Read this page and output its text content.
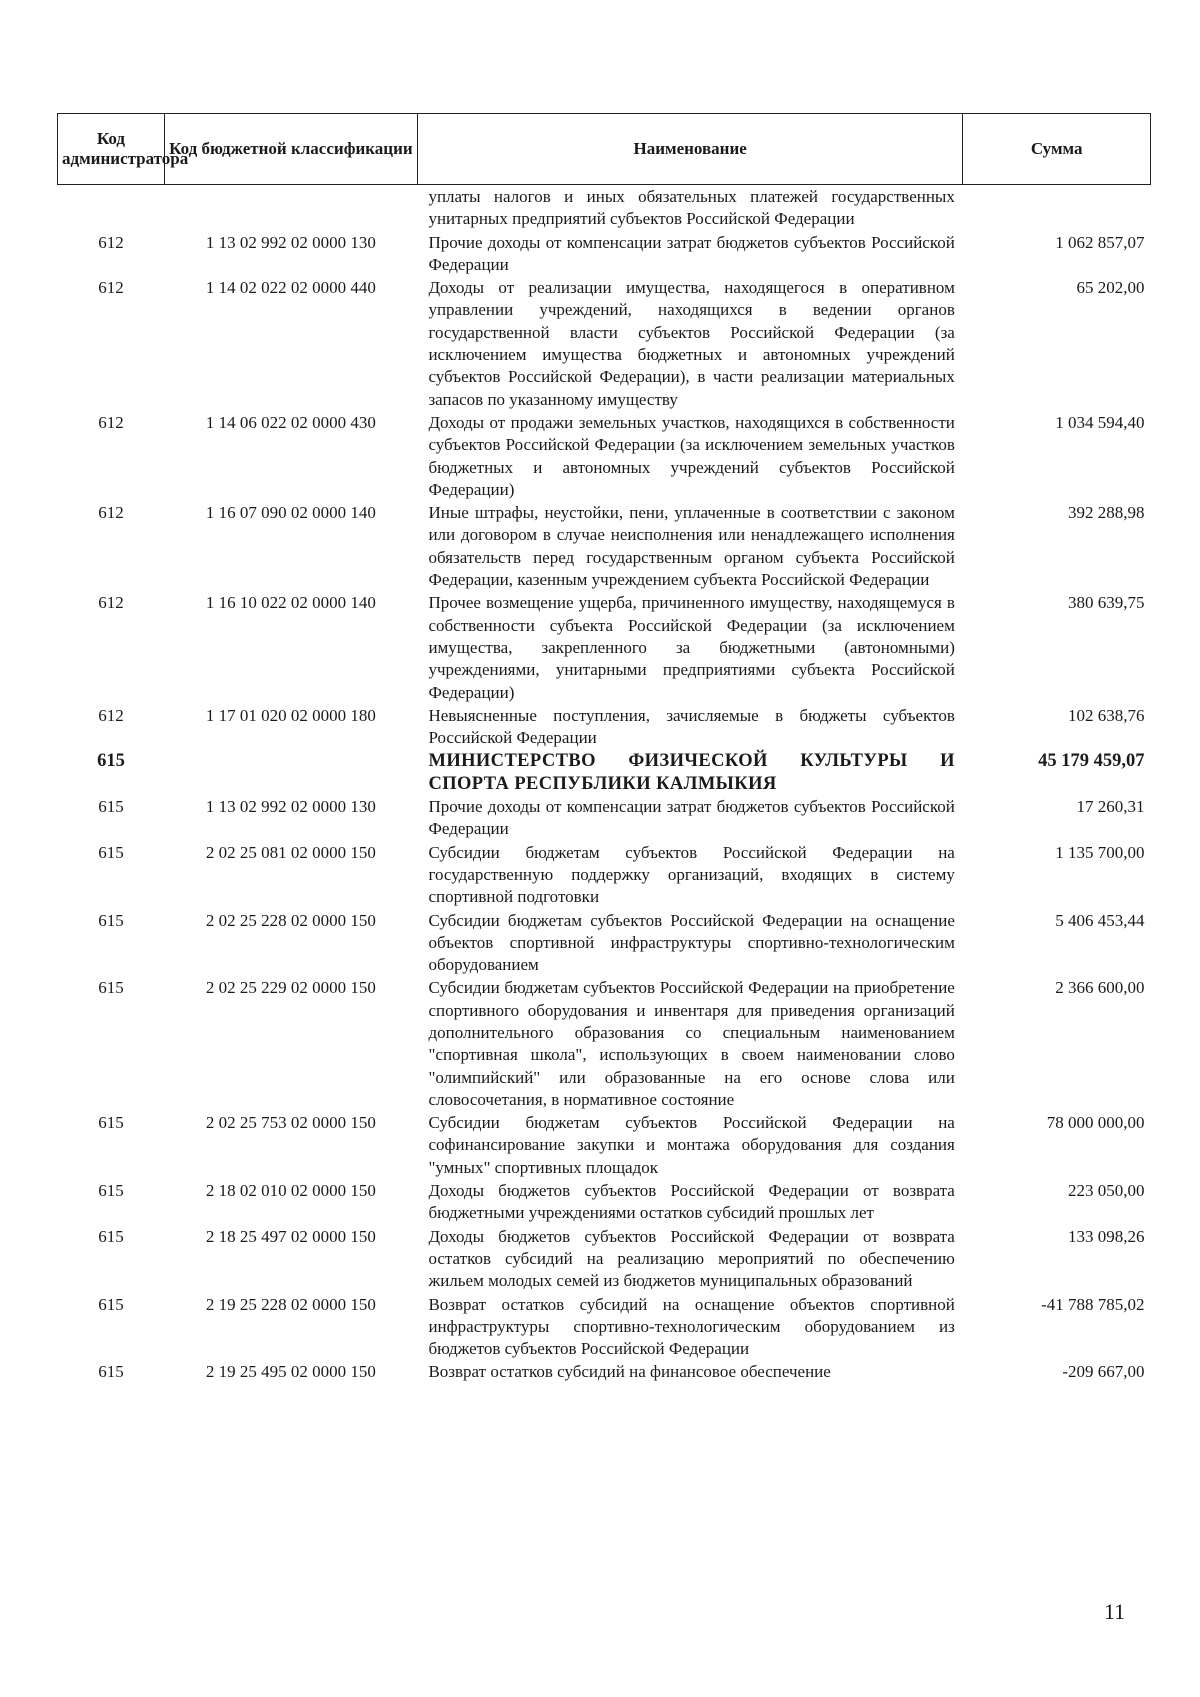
Код администратора	Код бюджетной классификации	Наименование	Сумма
		уплаты налогов и иных обязательных платежей государственных унитарных предприятий субъектов Российской Федерации	
612	1 13 02 992 02 0000 130	Прочие доходы от компенсации затрат бюджетов субъектов Российской Федерации	1 062 857,07
612	1 14 02 022 02 0000 440	Доходы от реализации имущества, находящегося в оперативном управлении учреждений, находящихся в ведении органов государственной власти субъектов Российской Федерации (за исключением имущества бюджетных и автономных учреждений субъектов Российской Федерации), в части реализации материальных запасов по указанному имуществу	65 202,00
612	1 14 06 022 02 0000 430	Доходы от продажи земельных участков, находящихся в собственности субъектов Российской Федерации (за исключением земельных участков бюджетных и автономных учреждений субъектов Российской Федерации)	1 034 594,40
612	1 16 07 090 02 0000 140	Иные штрафы, неустойки, пени, уплаченные в соответствии с законом или договором в случае неисполнения или ненадлежащего исполнения обязательств перед государственным органом субъекта Российской Федерации, казенным учреждением субъекта Российской Федерации	392 288,98
612	1 16 10 022 02 0000 140	Прочее возмещение ущерба, причиненного имуществу, находящемуся в собственности субъекта Российской Федерации (за исключением имущества, закрепленного за бюджетными (автономными) учреждениями, унитарными предприятиями субъекта Российской Федерации)	380 639,75
612	1 17 01 020 02 0000 180	Невыясненные поступления, зачисляемые в бюджеты субъектов Российской Федерации	102 638,76
615		МИНИСТЕРСТВО ФИЗИЧЕСКОЙ КУЛЬТУРЫ И СПОРТА РЕСПУБЛИКИ КАЛМЫКИЯ	45 179 459,07
615	1 13 02 992 02 0000 130	Прочие доходы от компенсации затрат бюджетов субъектов Российской Федерации	17 260,31
615	2 02 25 081 02 0000 150	Субсидии бюджетам субъектов Российской Федерации на государственную поддержку организаций, входящих в систему спортивной подготовки	1 135 700,00
615	2 02 25 228 02 0000 150	Субсидии бюджетам субъектов Российской Федерации на оснащение объектов спортивной инфраструктуры спортивно-технологическим оборудованием	5 406 453,44
615	2 02 25 229 02 0000 150	Субсидии бюджетам субъектов Российской Федерации на приобретение спортивного оборудования и инвентаря для приведения организаций дополнительного образования со специальным наименованием "спортивная школа", использующих в своем наименовании слово "олимпийский" или образованные на его основе слова или словосочетания, в нормативное состояние	2 366 600,00
615	2 02 25 753 02 0000 150	Субсидии бюджетам субъектов Российской Федерации на софинансирование закупки и монтажа оборудования для создания "умных" спортивных площадок	78 000 000,00
615	2 18 02 010 02 0000 150	Доходы бюджетов субъектов Российской Федерации от возврата бюджетными учреждениями остатков субсидий прошлых лет	223 050,00
615	2 18 25 497 02 0000 150	Доходы бюджетов субъектов Российской Федерации от возврата остатков субсидий на реализацию мероприятий по обеспечению жильем молодых семей из бюджетов муниципальных образований	133 098,26
615	2 19 25 228 02 0000 150	Возврат остатков субсидий на оснащение объектов спортивной инфраструктуры спортивно-технологическим оборудованием из бюджетов субъектов Российской Федерации	-41 788 785,02
615	2 19 25 495 02 0000 150	Возврат остатков субсидий на финансовое обеспечение	-209 667,00
11
